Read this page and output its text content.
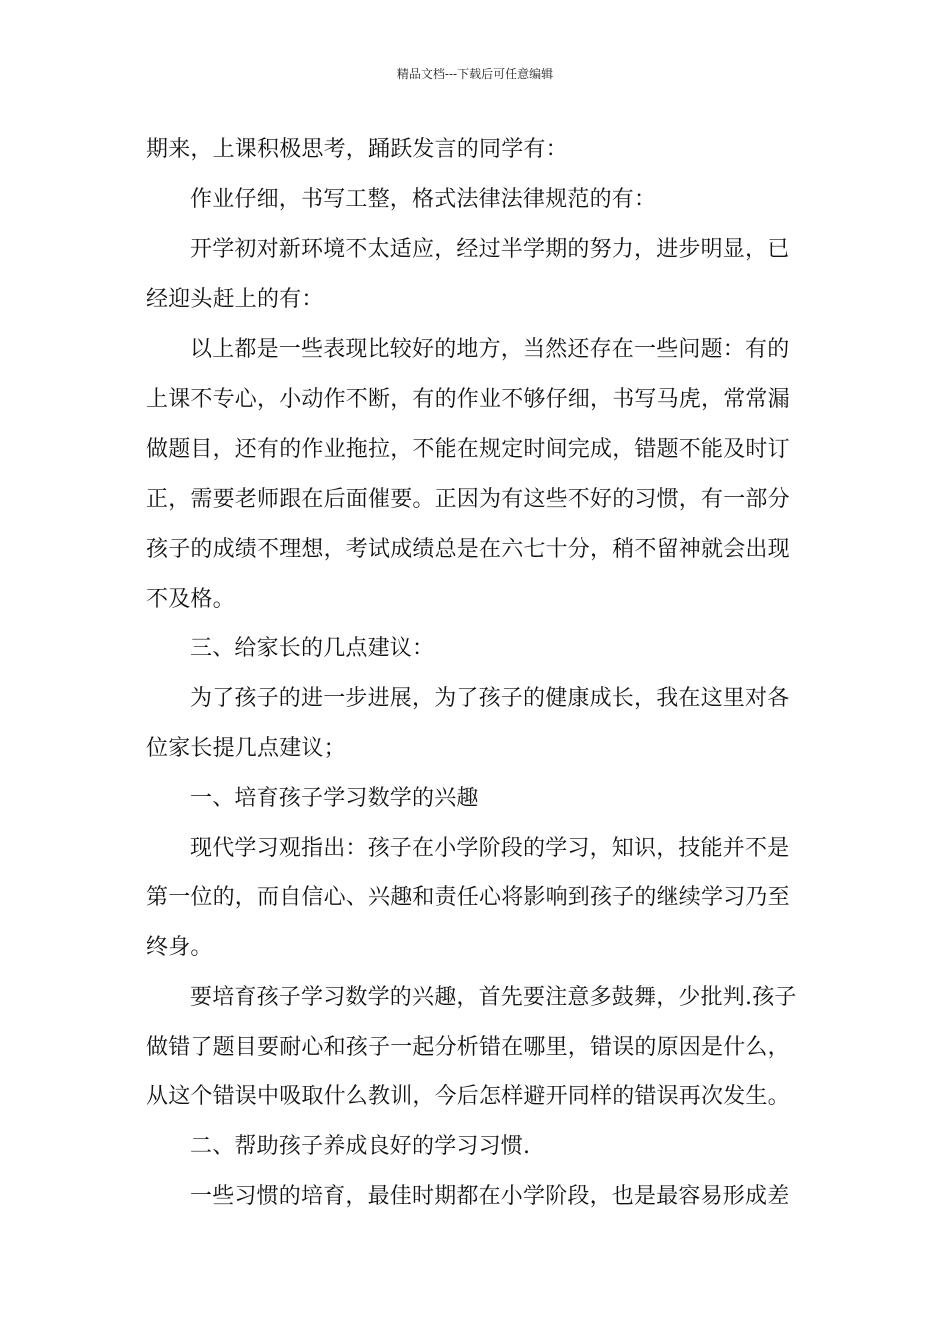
精品文档---下载后可任意编辑
期来，上课积极思考，踊跃发言的同学有：
作业仔细，书写工整，格式法律法律规范的有：
开学初对新环境不太适应，经过半学期的努力，进步明显，已
经迎头赶上的有：
以上都是一些表现比较好的地方，当然还存在一些问题：有的
上课不专心，小动作不断，有的作业不够仔细，书写马虎，常常漏
做题目，还有的作业拖拉，不能在规定时间完成，错题不能及时订
正，需要老师跟在后面催要。正因为有这些不好的习惯，有一部分
孩子的成绩不理想，考试成绩总是在六七十分，稍不留神就会出现
不及格。
三、给家长的几点建议：
为了孩子的进一步进展，为了孩子的健康成长，我在这里对各
位家长提几点建议；
一、培育孩子学习数学的兴趣
现代学习观指出：孩子在小学阶段的学习，知识，技能并不是
第一位的，而自信心、兴趣和责任心将影响到孩子的继续学习乃至
终身。
要培育孩子学习数学的兴趣，首先要注意多鼓舞，少批判.孩子
做错了题目要耐心和孩子一起分析错在哪里，错误的原因是什么，
从这个错误中吸取什么教训，今后怎样避开同样的错误再次发生。
二、帮助孩子养成良好的学习习惯.
一些习惯的培育，最佳时期都在小学阶段，也是最容易形成差
